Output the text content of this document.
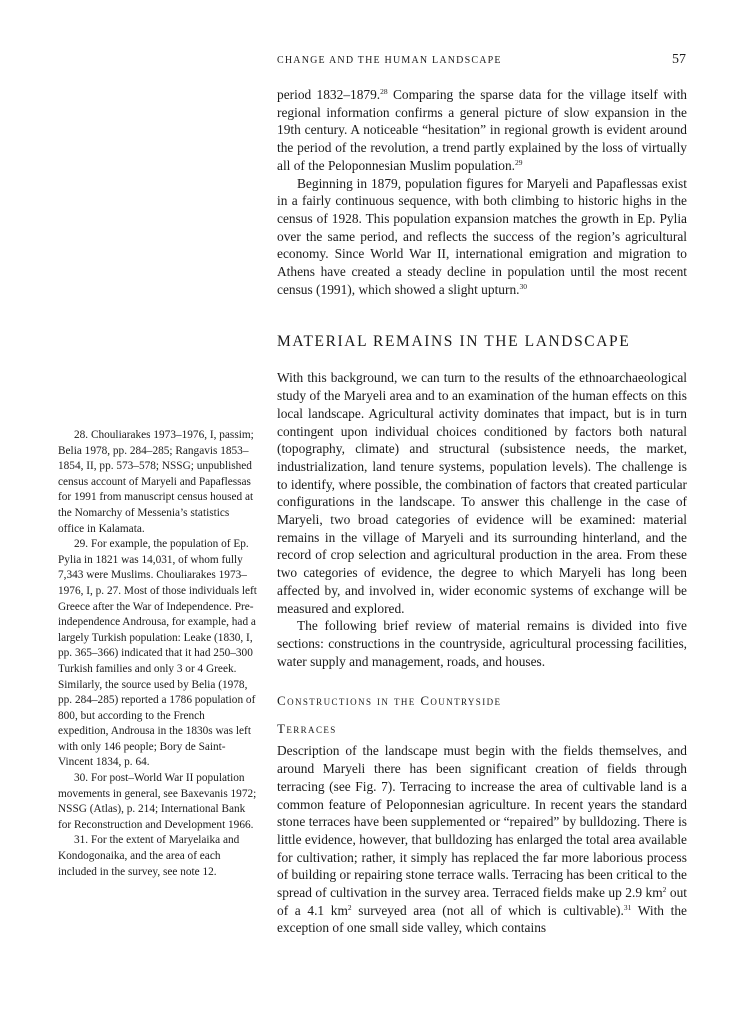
CHANGE AND THE HUMAN LANDSCAPE	57

period 1832–1879.28 Comparing the sparse data for the village itself with regional information confirms a general picture of slow expansion in the 19th century. A noticeable “hesitation” in regional growth is evident around the period of the revolution, a trend partly explained by the loss of virtually all of the Peloponnesian Muslim population.$^{29}$

Beginning in 1879, population figures for Maryeli and Papaflessas exist in a fairly continuous sequence, with both climbing to historic highs in the census of 1928. This population expansion matches the growth in Ep. Pylia over the same period, and reflects the success of the region’s agricultural economy. Since World War II, international emigration and migration to Athens have created a steady decline in population until the most recent census (1991), which showed a slight upturn.$^{30}$

MATERIAL REMAINS IN THE LANDSCAPE

With this background, we can turn to the results of the ethnoarchaeological study of the Maryeli area and to an examination of the human effects on this local landscape. Agricultural activity dominates that impact, but is in turn contingent upon individual choices conditioned by factors both natural (topography, climate) and structural (subsistence needs, the market, industrialization, land tenure systems, population levels). The challenge is to identify, where possible, the combination of factors that created particular configurations in the landscape. To answer this challenge in the case of Maryeli, two broad categories of evidence will be examined: material remains in the village of Maryeli and its surrounding hinterland, and the record of crop selection and agricultural production in the area. From these two categories of evidence, the degree to which Maryeli has long been affected by, and involved in, wider economic systems of exchange will be measured and explored.

The following brief review of material remains is divided into five sections: constructions in the countryside, agricultural processing facilities, water supply and management, roads, and houses.

Constructions in the Countryside
Terraces

Description of the landscape must begin with the fields themselves, and around Maryeli there has been significant creation of fields through terracing (see Fig. 7). Terracing to increase the area of cultivable land is a common feature of Peloponnesian agriculture. In recent years the standard stone terraces have been supplemented or “repaired” by bulldozing. There is little evidence, however, that bulldozing has enlarged the total area available for cultivation; rather, it simply has replaced the far more laborious process of building or repairing stone terrace walls. Terracing has been critical to the spread of cultivation in the survey area. Terraced fields make up 2.9 $km^2$ out of a 4.1 $km^2$ surveyed area (not all of which is cultivable).$^{31}$ With the exception of one small side valley, which contains

28. Chouliarakes 1973–1976, I, passim; Belia 1978, pp. 284–285; Rangavis 1853–1854, II, pp. 573–578; NSSG; unpublished census account of Maryeli and Papaflessas for 1991 from manuscript census housed at the Nomarchy of Messenia’s statistics office in Kalamata.

29. For example, the population of Ep. Pylia in 1821 was 14,031, of whom fully 7,343 were Muslims. Chouliarakes 1973–1976, I, p. 27. Most of those individuals left Greece after the War of Independence. Pre-independence Androusa, for example, had a largely Turkish population: Leake (1830, I, pp. 365–366) indicated that it had 250–300 Turkish families and only 3 or 4 Greek. Similarly, the source used by Belia (1978, pp. 284–285) reported a 1786 population of 800, but according to the French expedition, Androusa in the 1830s was left with only 146 people; Bory de Saint-Vincent 1834, p. 64.

30. For post–World War II population movements in general, see Baxevanis 1972; NSSG (Atlas), p. 214; International Bank for Reconstruction and Development 1966.

31. For the extent of Maryelaika and Kondogonaika, and the area of each included in the survey, see note 12.
